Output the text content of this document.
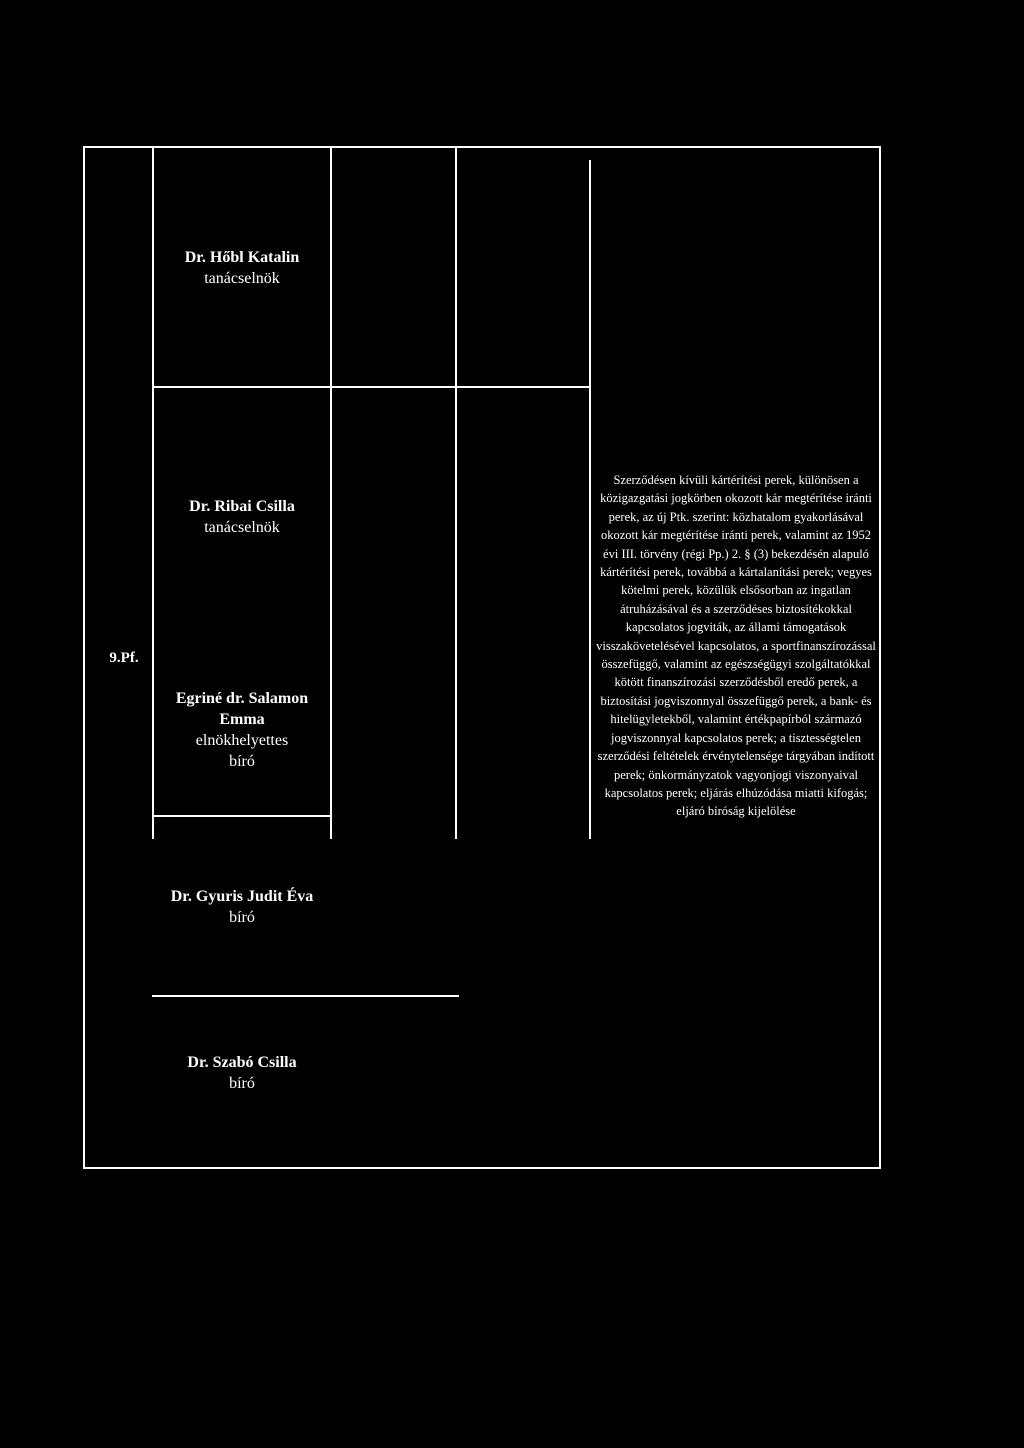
9.Pf.
Dr. Hőbl Katalin
tanácselnök
Dr. Ribai Csilla
tanácselnök
Egriné dr. Salamon
Emma
elnökhelyettes
bíró
Dr. Gyuris Judit Éva
bíró
Dr. Szabó Csilla
bíró
Szerződésen kívüli kártérítési perek, különösen a közigazgatási jogkörben okozott kár megtérítése iránti perek, az új Ptk. szerint: közhatalom gyakorlásával okozott kár megtérítése iránti perek, valamint az 1952 évi III. törvény (régi Pp.) 2. § (3) bekezdésén alapuló kártérítési perek, továbbá a kártalanítási perek; vegyes kötelmi perek, közülük elsősorban az ingatlan átruházásával és a szerződéses biztosítékokkal kapcsolatos jogviták, az állami támogatások visszakövetelésével kapcsolatos, a sportfinanszírozással összefüggő, valamint az egészségügyi szolgáltatókkal kötött finanszírozási szerződésből eredő perek, a biztosítási jogviszonnyal összefüggő perek, a bank- és hitelügyletekből, valamint értékpapírból származó jogviszonnyal kapcsolatos perek; a tisztességtelen szerződési feltételek érvénytelensége tárgyában indított perek; önkormányzatok vagyonjogi viszonyaival kapcsolatos perek; eljárás elhúzódása miatti kifogás; eljáró bíróság kijelölése
